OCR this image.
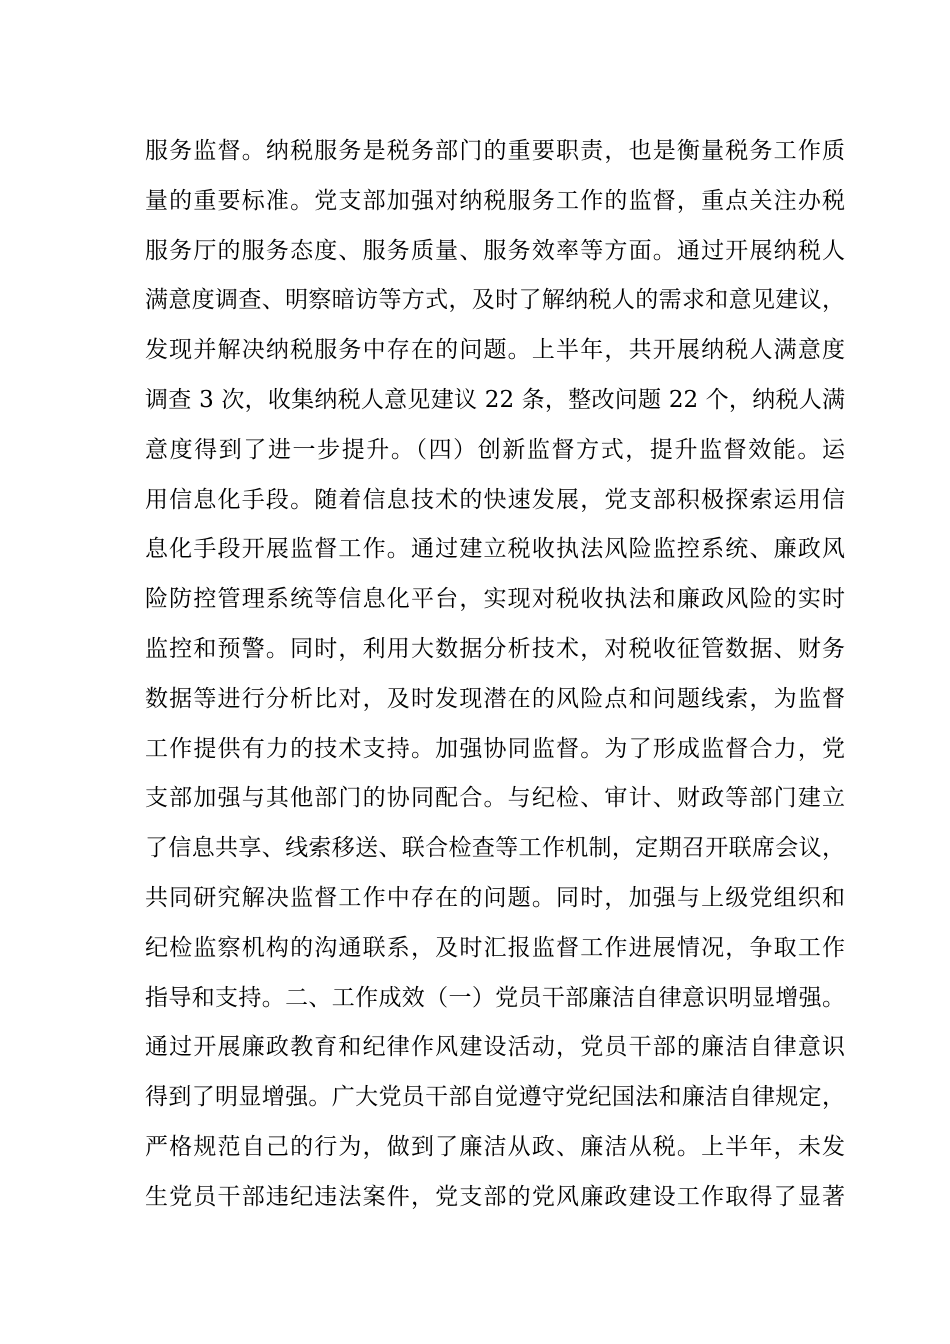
服务监督。纳税服务是税务部门的重要职责，也是衡量税务工作质
量的重要标准。党支部加强对纳税服务工作的监督，重点关注办税
服务厅的服务态度、服务质量、服务效率等方面。通过开展纳税人
满意度调查、明察暗访等方式，及时了解纳税人的需求和意见建议，
发现并解决纳税服务中存在的问题。上半年，共开展纳税人满意度
调查 3 次，收集纳税人意见建议 22 条，整改问题 22 个，纳税人满
意度得到了进一步提升。（四）创新监督方式，提升监督效能。运
用信息化手段。随着信息技术的快速发展，党支部积极探索运用信
息化手段开展监督工作。通过建立税收执法风险监控系统、廉政风
险防控管理系统等信息化平台，实现对税收执法和廉政风险的实时
监控和预警。同时，利用大数据分析技术，对税收征管数据、财务
数据等进行分析比对，及时发现潜在的风险点和问题线索，为监督
工作提供有力的技术支持。加强协同监督。为了形成监督合力，党
支部加强与其他部门的协同配合。与纪检、审计、财政等部门建立
了信息共享、线索移送、联合检查等工作机制，定期召开联席会议，
共同研究解决监督工作中存在的问题。同时，加强与上级党组织和
纪检监察机构的沟通联系，及时汇报监督工作进展情况，争取工作
指导和支持。二、工作成效（一）党员干部廉洁自律意识明显增强。
通过开展廉政教育和纪律作风建设活动，党员干部的廉洁自律意识
得到了明显增强。广大党员干部自觉遵守党纪国法和廉洁自律规定，
严格规范自己的行为，做到了廉洁从政、廉洁从税。上半年，未发
生党员干部违纪违法案件，党支部的党风廉政建设工作取得了显著
